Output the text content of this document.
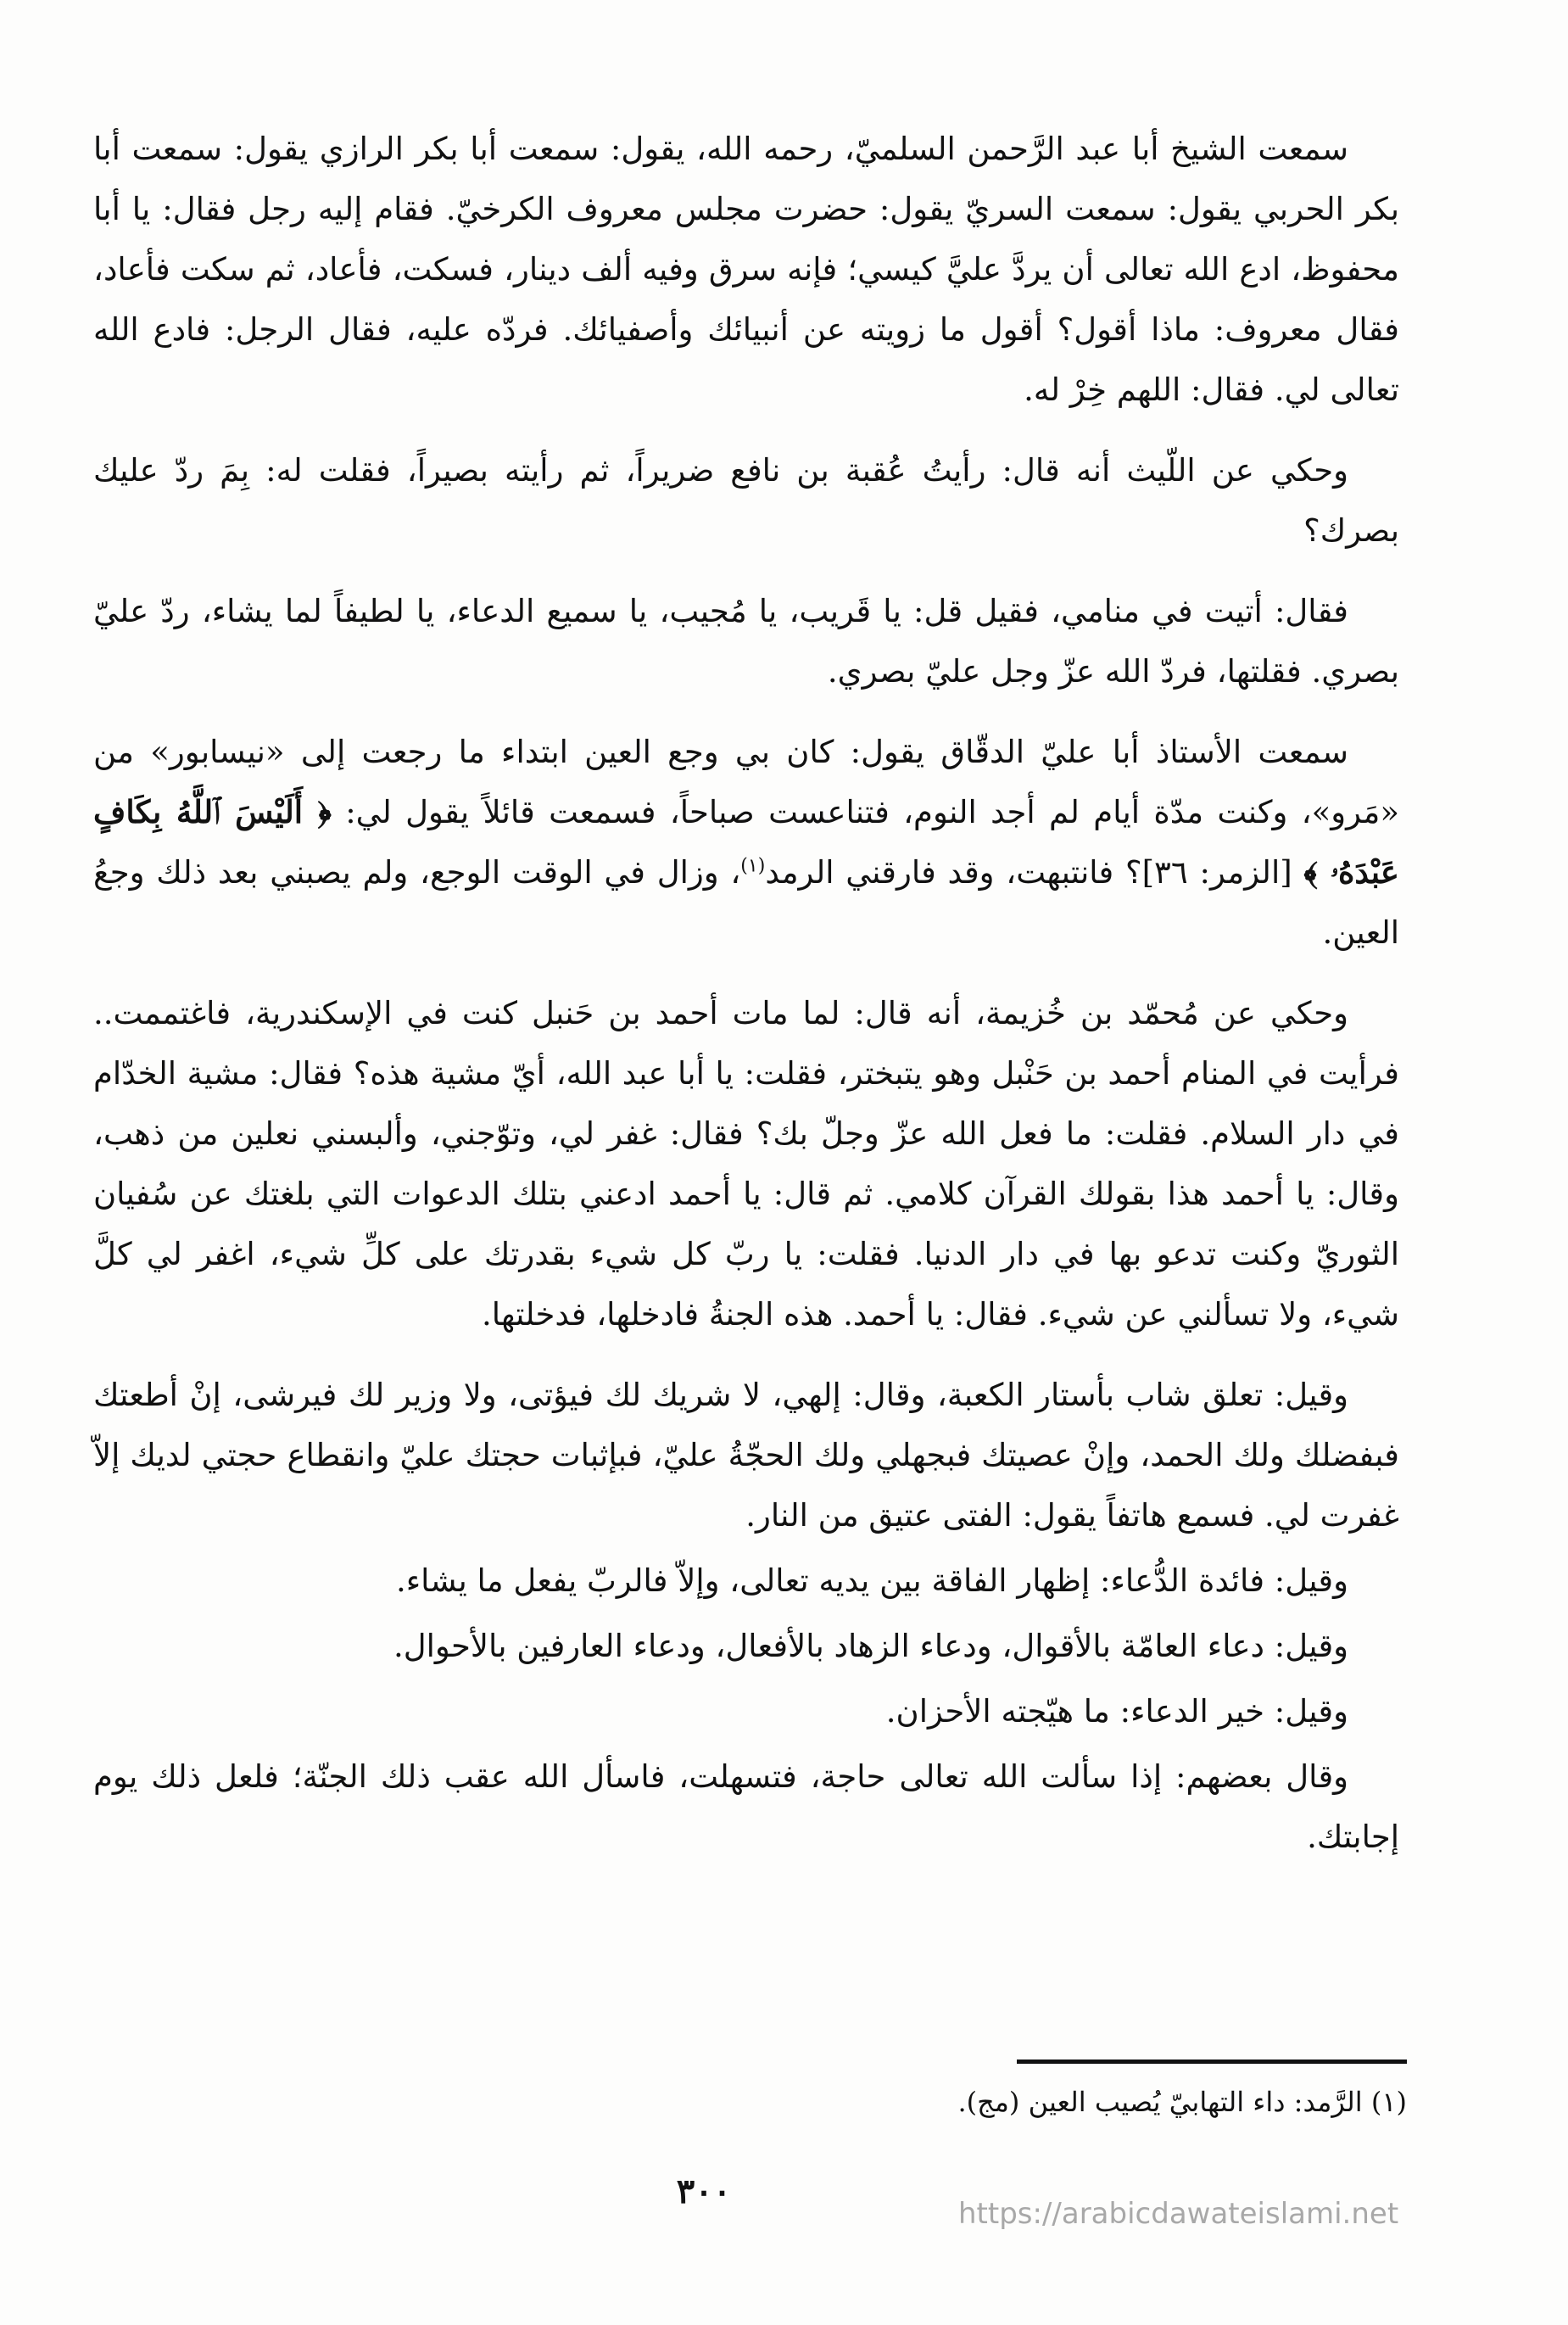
سمعت الشيخ أبا عبد الرَّحمن السلميّ، رحمه الله، يقول: سمعت أبا بكر الرازي يقول: سمعت أبا بكر الحربي يقول: سمعت السريّ يقول: حضرت مجلس معروف الكرخيّ. فقام إليه رجل فقال: يا أبا محفوظ، ادع الله تعالى أن يردَّ عليَّ كيسي؛ فإنه سرق وفيه ألف دينار، فسكت، فأعاد، ثم سكت فأعاد، فقال معروف: ماذا أقول؟ أقول ما زويته عن أنبيائك وأصفيائك. فردّه عليه، فقال الرجل: فادع الله تعالى لي. فقال: اللهم خِرْ له.

وحكي عن اللّيث أنه قال: رأيتُ عُقبة بن نافع ضريراً، ثم رأيته بصيراً، فقلت له: بِمَ ردّ عليك بصرك؟

فقال: أتيت في منامي، فقيل قل: يا قَريب، يا مُجيب، يا سميع الدعاء، يا لطيفاً لما يشاء، ردّ عليّ بصري. فقلتها، فردّ الله عزّ وجل عليّ بصري.

سمعت الأستاذ أبا عليّ الدقّاق يقول: كان بي وجع العين ابتداء ما رجعت إلى «نيسابور» من «مَرو»، وكنت مدّة أيام لم أجد النوم، فتناعست صباحاً، فسمعت قائلاً يقول لي: ﴿ أَلَيْسَ ٱللَّهُ بِكَافٍ عَبْدَهُۥ ﴾ [الزمر: ٣٦]؟ فانتبهت، وقد فارقني الرمد$^{(١)}$، وزال في الوقت الوجع، ولم يصبني بعد ذلك وجعُ العين.

وحكي عن مُحمّد بن خُزيمة، أنه قال: لما مات أحمد بن حَنبل كنت في الإسكندرية، فاغتممت.. فرأيت في المنام أحمد بن حَنْبل وهو يتبختر، فقلت: يا أبا عبد الله، أيّ مشية هذه؟ فقال: مشية الخدّام في دار السلام. فقلت: ما فعل الله عزّ وجلّ بك؟ فقال: غفر لي، وتوّجني، وألبسني نعلين من ذهب، وقال: يا أحمد هذا بقولك القرآن كلامي. ثم قال: يا أحمد ادعني بتلك الدعوات التي بلغتك عن سُفيان الثوريّ وكنت تدعو بها في دار الدنيا. فقلت: يا ربّ كل شيء بقدرتك على كلِّ شيء، اغفر لي كلَّ شيء، ولا تسألني عن شيء. فقال: يا أحمد. هذه الجنةُ فادخلها، فدخلتها.

وقيل: تعلق شاب بأستار الكعبة، وقال: إلهي، لا شريك لك فيؤتى، ولا وزير لك فيرشى، إنْ أطعتك فبفضلك ولك الحمد، وإنْ عصيتك فبجهلي ولك الحجّةُ عليّ، فبإثبات حجتك عليّ وانقطاع حجتي لديك إلاّ غفرت لي. فسمع هاتفاً يقول: الفتى عتيق من النار.

وقيل: فائدة الدُّعاء: إظهار الفاقة بين يديه تعالى، وإلاّ فالربّ يفعل ما يشاء.

وقيل: دعاء العامّة بالأقوال، ودعاء الزهاد بالأفعال، ودعاء العارفين بالأحوال.

وقيل: خير الدعاء: ما هيّجته الأحزان.

وقال بعضهم: إذا سألت الله تعالى حاجة، فتسهلت، فاسأل الله عقب ذلك الجنّة؛ فلعل ذلك يوم إجابتك.

(١) الرَّمد: داء التهابيّ يُصيب العين (مج).
٣٠٠
https://arabicdawateislami.net
